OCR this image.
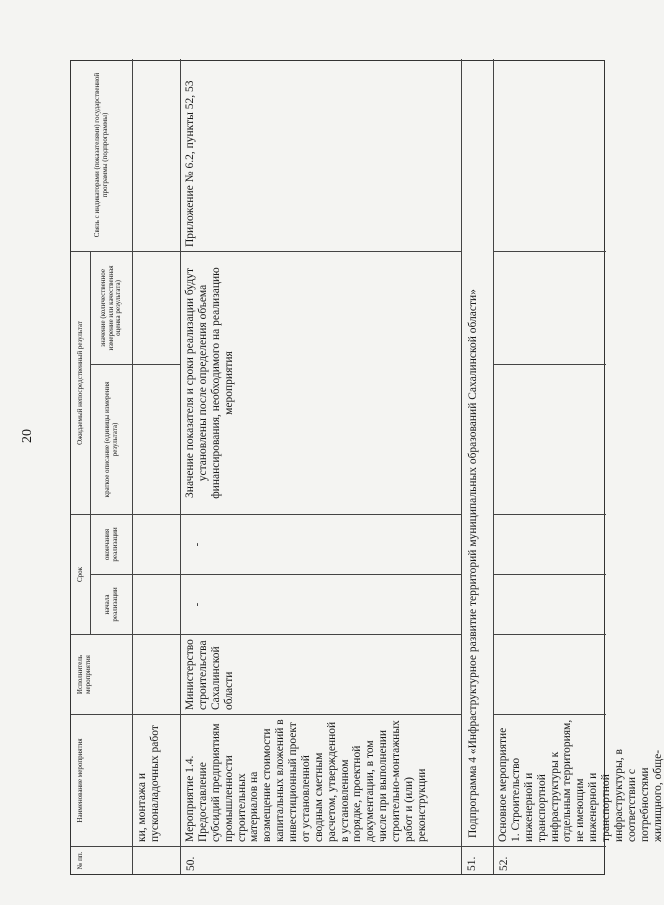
20
№ пп.
Наименование мероприятия
Исполнитель мероприятия
Срок
начала реализации
окончания реализации
Ожидаемый непосредственный результат	краткое описание (единицы измерения результата)
значение (количественное измерение или качественная оценка результата)
Связь с индикаторами (показателями) государственной программы (подпрограммы)
ки, монтажа и пусконаладочных работ
50.
Мероприятие 1.4. Предоставление субсидий предприятиям промышленности строительных материалов на возмещение стоимости капитальных вложений в инвестиционный проект от установленной сводным сметным расчетом, утвержденной в установленном порядке, проектной документации, в том числе при выполнении строительно-монтажных работ и (или) реконструкции
Министерство строительства Сахалинской области
-
-
Значение показателя и сроки реализации будут установлены после определения объема финансирования, необходимого на реализацию мероприятия
Приложение № 6.2, пункты 52, 53
51.
Подпрограмма 4 «Инфраструктурное развитие территорий муниципальных образований Сахалинской области»
52.
Основное мероприятие 1. Строительство инженерной и транспортной инфраструктуры к отдельным территориям, не имеющим инженерной и транспортной инфраструктуры, в соответствии с потребностями жилищного, обще-
